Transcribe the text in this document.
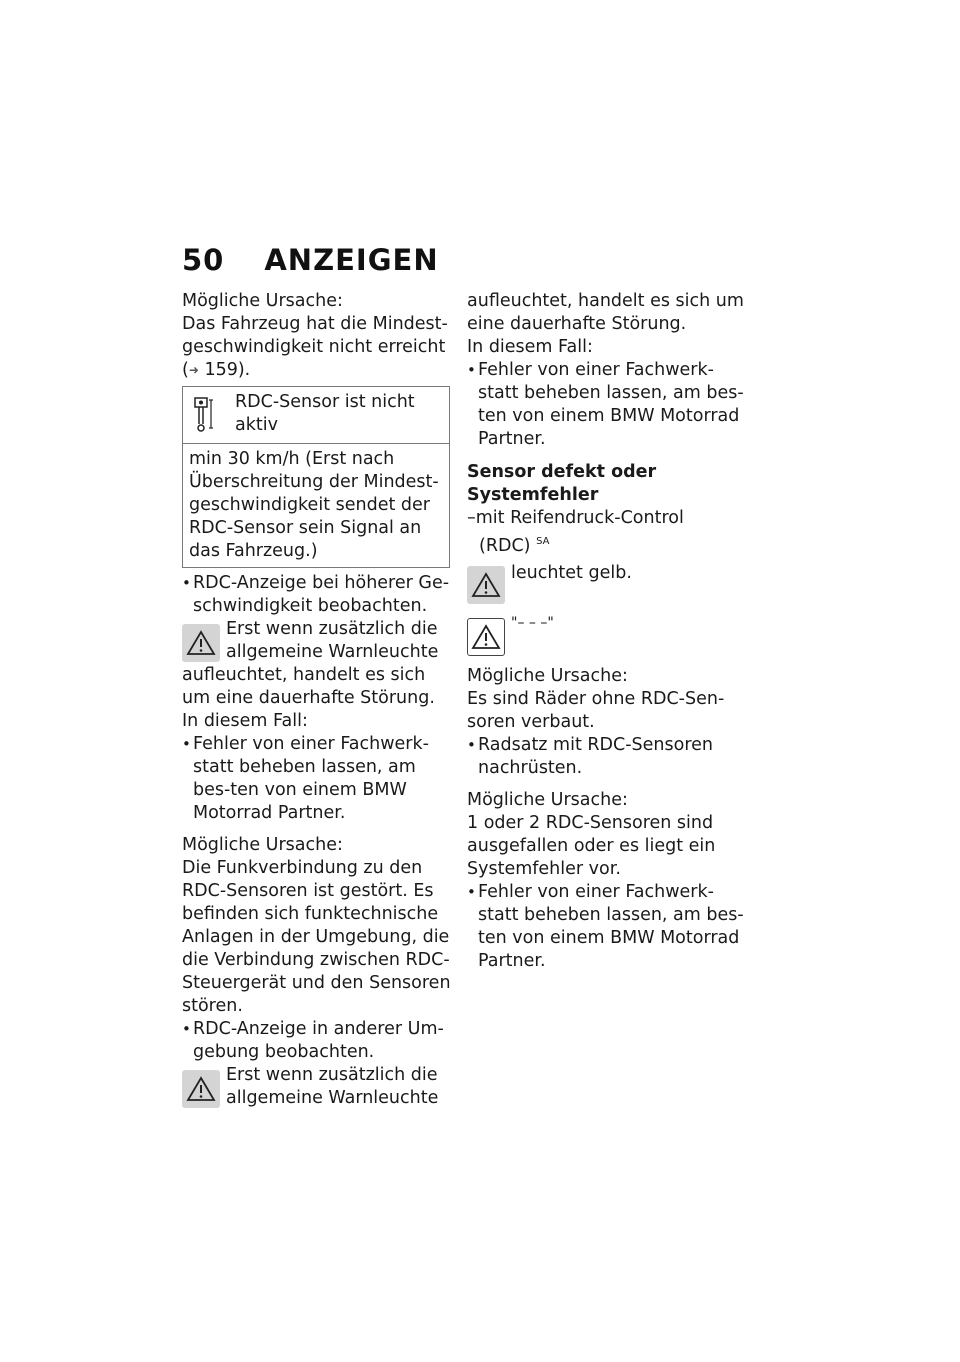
50 ANZEIGEN

Mögliche Ursache:

Das Fahrzeug hat die Mindest-geschwindigkeit nicht erreicht (➜ 159).

RDC-Sensor ist nicht aktiv
min 30 km/h (Erst nach Überschreitung der Mindest-geschwindigkeit sendet der RDC-Sensor sein Signal an das Fahrzeug.)

• RDC-Anzeige bei höherer Ge-schwindigkeit beobachten.

Erst wenn zusätzlich die

allgemeine Warnleuchte

aufleuchtet, handelt es sich um eine dauerhafte Störung.

In diesem Fall:

• Fehler von einer Fachwerk-statt beheben lassen, am bes-ten von einem BMW Motorrad Partner.

Mögliche Ursache:

Die Funkverbindung zu den RDC-Sensoren ist gestört. Es befinden sich funktechnische Anlagen in der Umgebung, die die Verbindung zwischen RDC-Steuergerät und den Sensoren stören.

• RDC-Anzeige in anderer Um-gebung beobachten.

Erst wenn zusätzlich die

allgemeine Warnleuchte

aufleuchtet, handelt es sich um eine dauerhafte Störung.

In diesem Fall:

• Fehler von einer Fachwerk-statt beheben lassen, am bes-ten von einem BMW Motorrad Partner.

Sensor defekt oder

Systemfehler

–mit Reifendruck-Control

(RDC) $^{SA}$

leuchtet gelb.

"– – –"

Mögliche Ursache:

Es sind Räder ohne RDC-Sen-soren verbaut.

• Radsatz mit RDC-Sensoren nachrüsten.

Mögliche Ursache:

1 oder 2 RDC-Sensoren sind ausgefallen oder es liegt ein Systemfehler vor.

• Fehler von einer Fachwerk-statt beheben lassen, am bes-ten von einem BMW Motorrad Partner.
